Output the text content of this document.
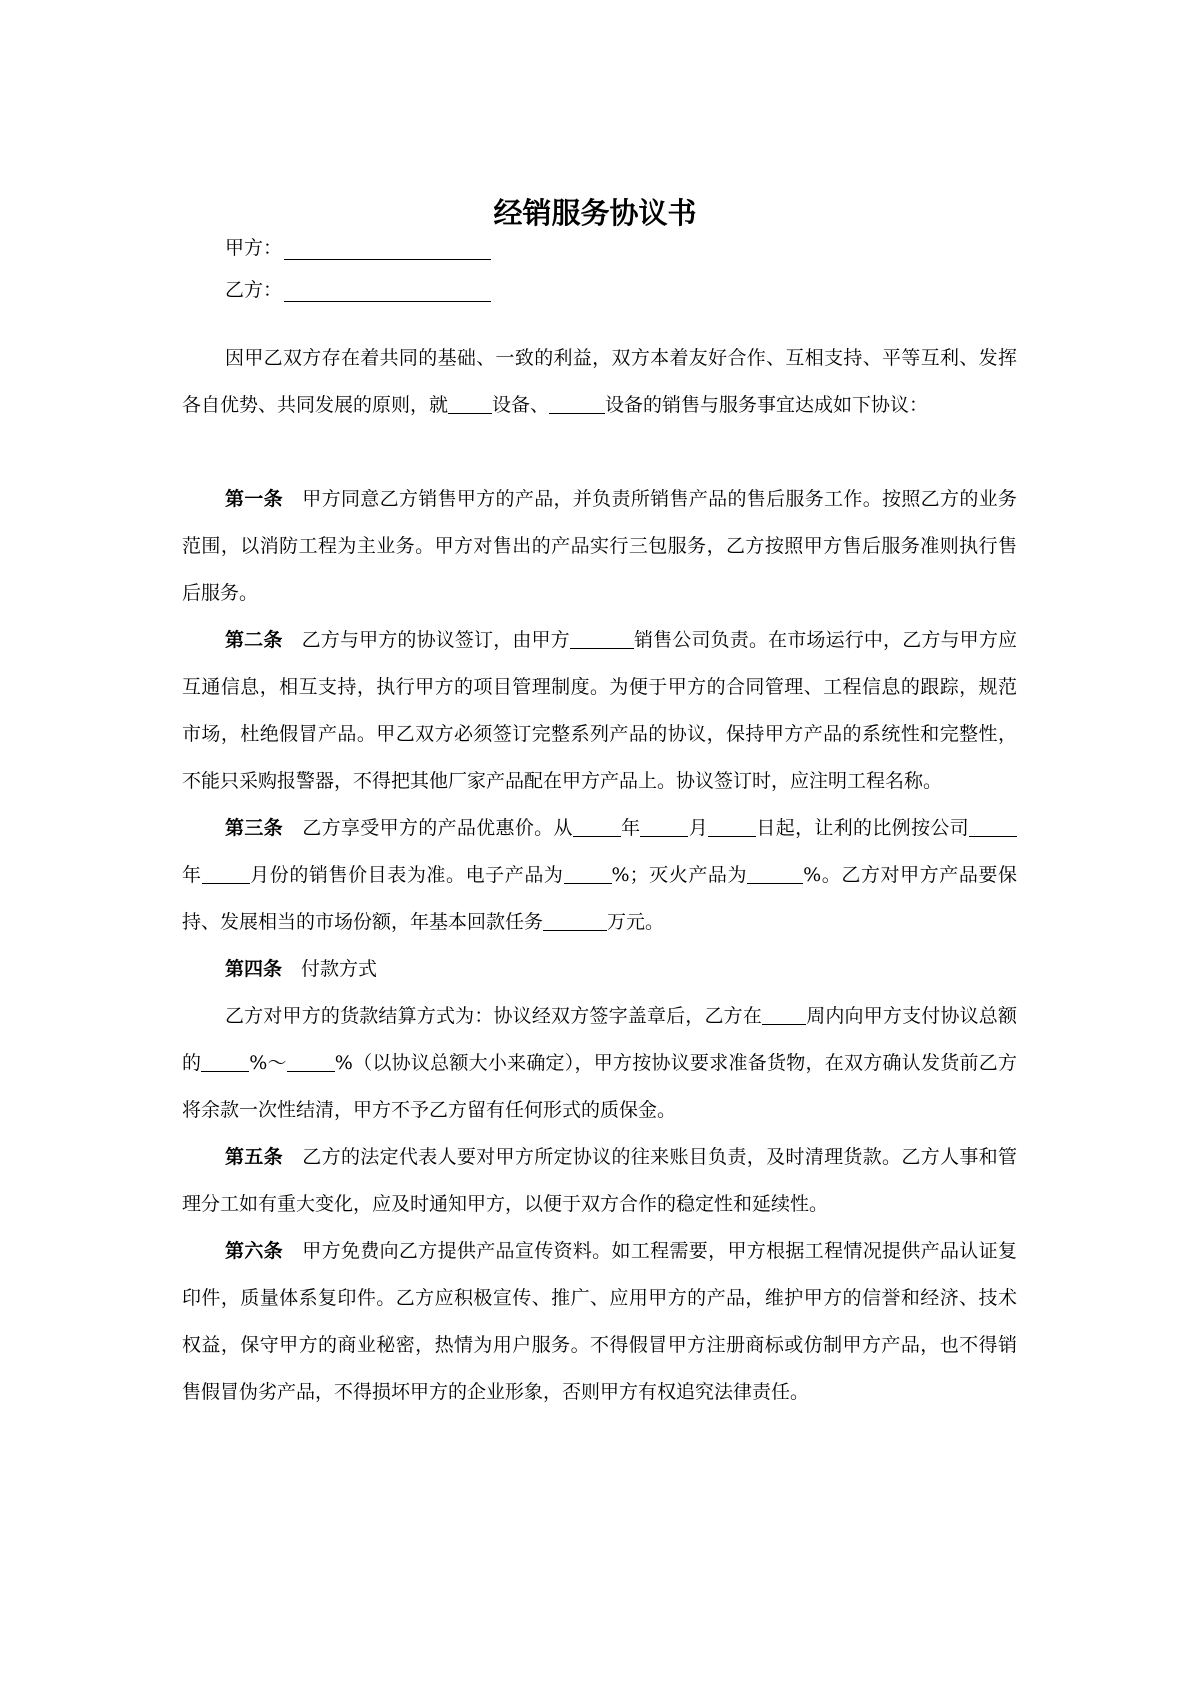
经销服务协议书
甲方：
乙方：

因甲乙双方存在着共同的基础、一致的利益，双方本着友好合作、互相支持、平等互利、发挥各自优势、共同发展的原则，就 设备、	设备的销售与服务事宜达成如下协议：

第一条 甲方同意乙方销售甲方的产品，并负责所销售产品的售后服务工作。按照乙方的业务范围，以消防工程为主业务。甲方对售出的产品实行三包服务，乙方按照甲方售后服务准则执行售后服务。

第二条 乙方与甲方的协议签订，由甲方	销售公司负责。在市场运行中，乙方与甲方应互通信息，相互支持，执行甲方的项目管理制度。为便于甲方的合同管理、工程信息的跟踪，规范市场，杜绝假冒产品。甲乙双方必须签订完整系列产品的协议，保持甲方产品的系统性和完整性，不能只采购报警器，不得把其他厂家产品配在甲方产品上。协议签订时，应注明工程名称。

第三条 乙方享受甲方的产品优惠价。从	年	月	日起，让利的比例按公司年	月份的销售价目表为准。电子产品为	%；灭火产品为	%。乙方对甲方产品要保持、发展相当的市场份额，年基本回款任务	万元。

第四条 付款方式

乙方对甲方的货款结算方式为：协议经双方签字盖章后，乙方在 周内向甲方支付协议总额的	%～	%（以协议总额大小来确定），甲方按协议要求准备货物，在双方确认发货前乙方将余款一次性结清，甲方不予乙方留有任何形式的质保金。

第五条 乙方的法定代表人要对甲方所定协议的往来账目负责，及时清理货款。乙方人事和管理分工如有重大变化，应及时通知甲方，以便于双方合作的稳定性和延续性。

第六条 甲方免费向乙方提供产品宣传资料。如工程需要，甲方根据工程情况提供产品认证复印件，质量体系复印件。乙方应积极宣传、推广、应用甲方的产品，维护甲方的信誉和经济、技术权益，保守甲方的商业秘密，热情为用户服务。不得假冒甲方注册商标或仿制甲方产品，也不得销售假冒伪劣产品，不得损坏甲方的企业形象，否则甲方有权追究法律责任。
